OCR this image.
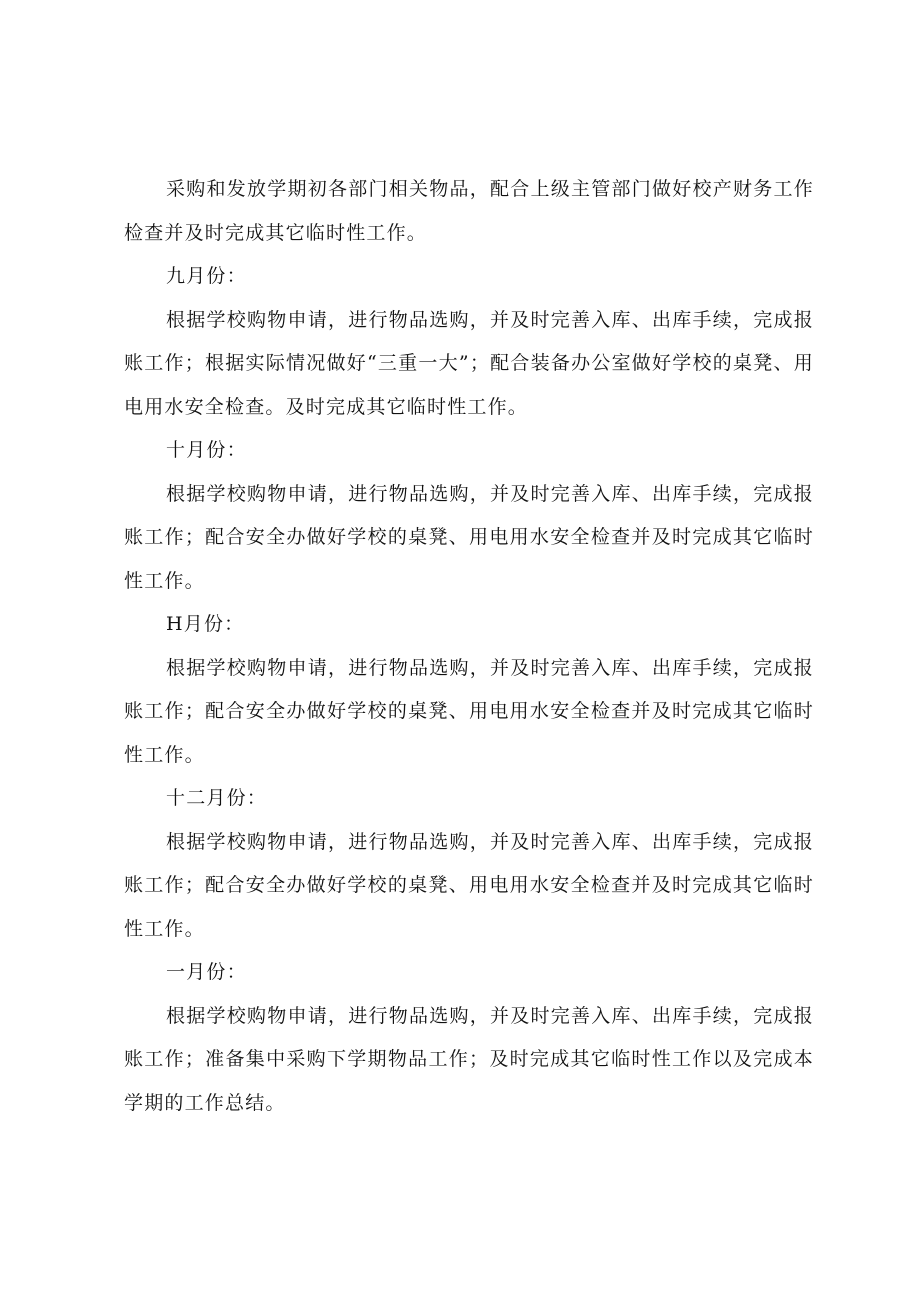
采购和发放学期初各部门相关物品，配合上级主管部门做好校产财务工作检查并及时完成其它临时性工作。

九月份：

根据学校购物申请，进行物品选购，并及时完善入库、出库手续，完成报账工作；根据实际情况做好“三重一大”；配合装备办公室做好学校的桌凳、用电用水安全检查。及时完成其它临时性工作。

十月份：

根据学校购物申请，进行物品选购，并及时完善入库、出库手续，完成报账工作；配合安全办做好学校的桌凳、用电用水安全检查并及时完成其它临时性工作。

H月份：

根据学校购物申请，进行物品选购，并及时完善入库、出库手续，完成报账工作；配合安全办做好学校的桌凳、用电用水安全检查并及时完成其它临时性工作。

十二月份：

根据学校购物申请，进行物品选购，并及时完善入库、出库手续，完成报账工作；配合安全办做好学校的桌凳、用电用水安全检查并及时完成其它临时性工作。

一月份：

根据学校购物申请，进行物品选购，并及时完善入库、出库手续，完成报账工作；准备集中采购下学期物品工作；及时完成其它临时性工作以及完成本学期的工作总结。
